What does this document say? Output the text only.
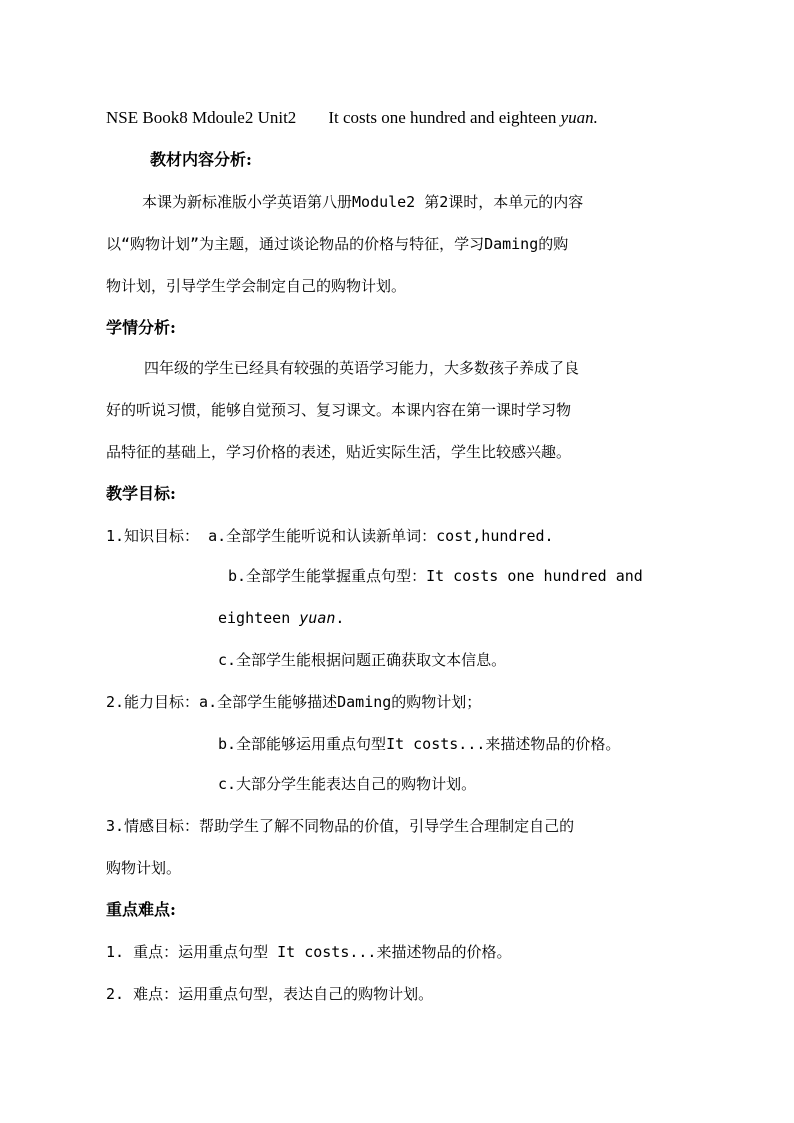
NSE Book8 Mdoule2 Unit2 It costs one hundred and eighteen yuan.
教材内容分析:
本课为新标准版小学英语第八册Module2 第2课时，本单元的内容
以“购物计划”为主题，通过谈论物品的价格与特征，学习Daming的购
物计划，引导学生学会制定自己的购物计划。
学情分析:
四年级的学生已经具有较强的英语学习能力，大多数孩子养成了良
好的听说习惯，能够自觉预习、复习课文。本课内容在第一课时学习物
品特征的基础上，学习价格的表述，贴近实际生活，学生比较感兴趣。
教学目标:
1.知识目标： a.全部学生能听说和认读新单词：cost,hundred.
b.全部学生能掌握重点句型：It costs one hundred and
eighteen yuan.
c.全部学生能根据问题正确获取文本信息。
2.能力目标：a.全部学生能够描述Daming的购物计划；
b.全部能够运用重点句型It costs...来描述物品的价格。
c.大部分学生能表达自己的购物计划。
3.情感目标：帮助学生了解不同物品的价值，引导学生合理制定自己的
购物计划。
重点难点:
1. 重点：运用重点句型 It costs...来描述物品的价格。
2. 难点：运用重点句型，表达自己的购物计划。
